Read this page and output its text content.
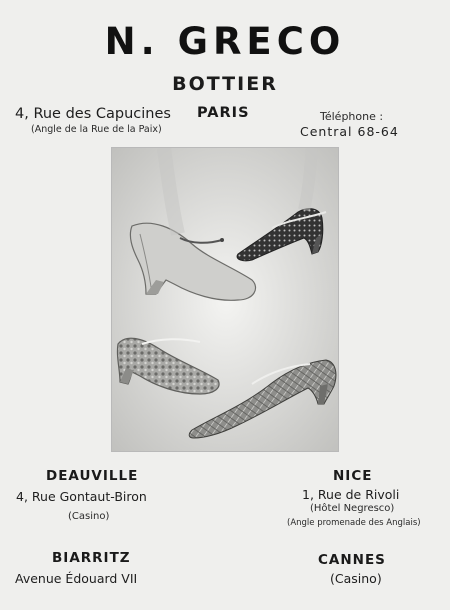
N. GRECO
BOTTIER
4, Rue des Capucines
(Angle de la Rue de la Paix)
PARIS	Téléphone :
Central 68-64
DEAUVILLE
4, Rue Gontaut-Biron
(Casino)
BIARRITZ
Avenue Édouard VII
NICE
1, Rue de Rivoli
(Hôtel Negresco)
(Angle promenade des Anglais)
CANNES
(Casino)
